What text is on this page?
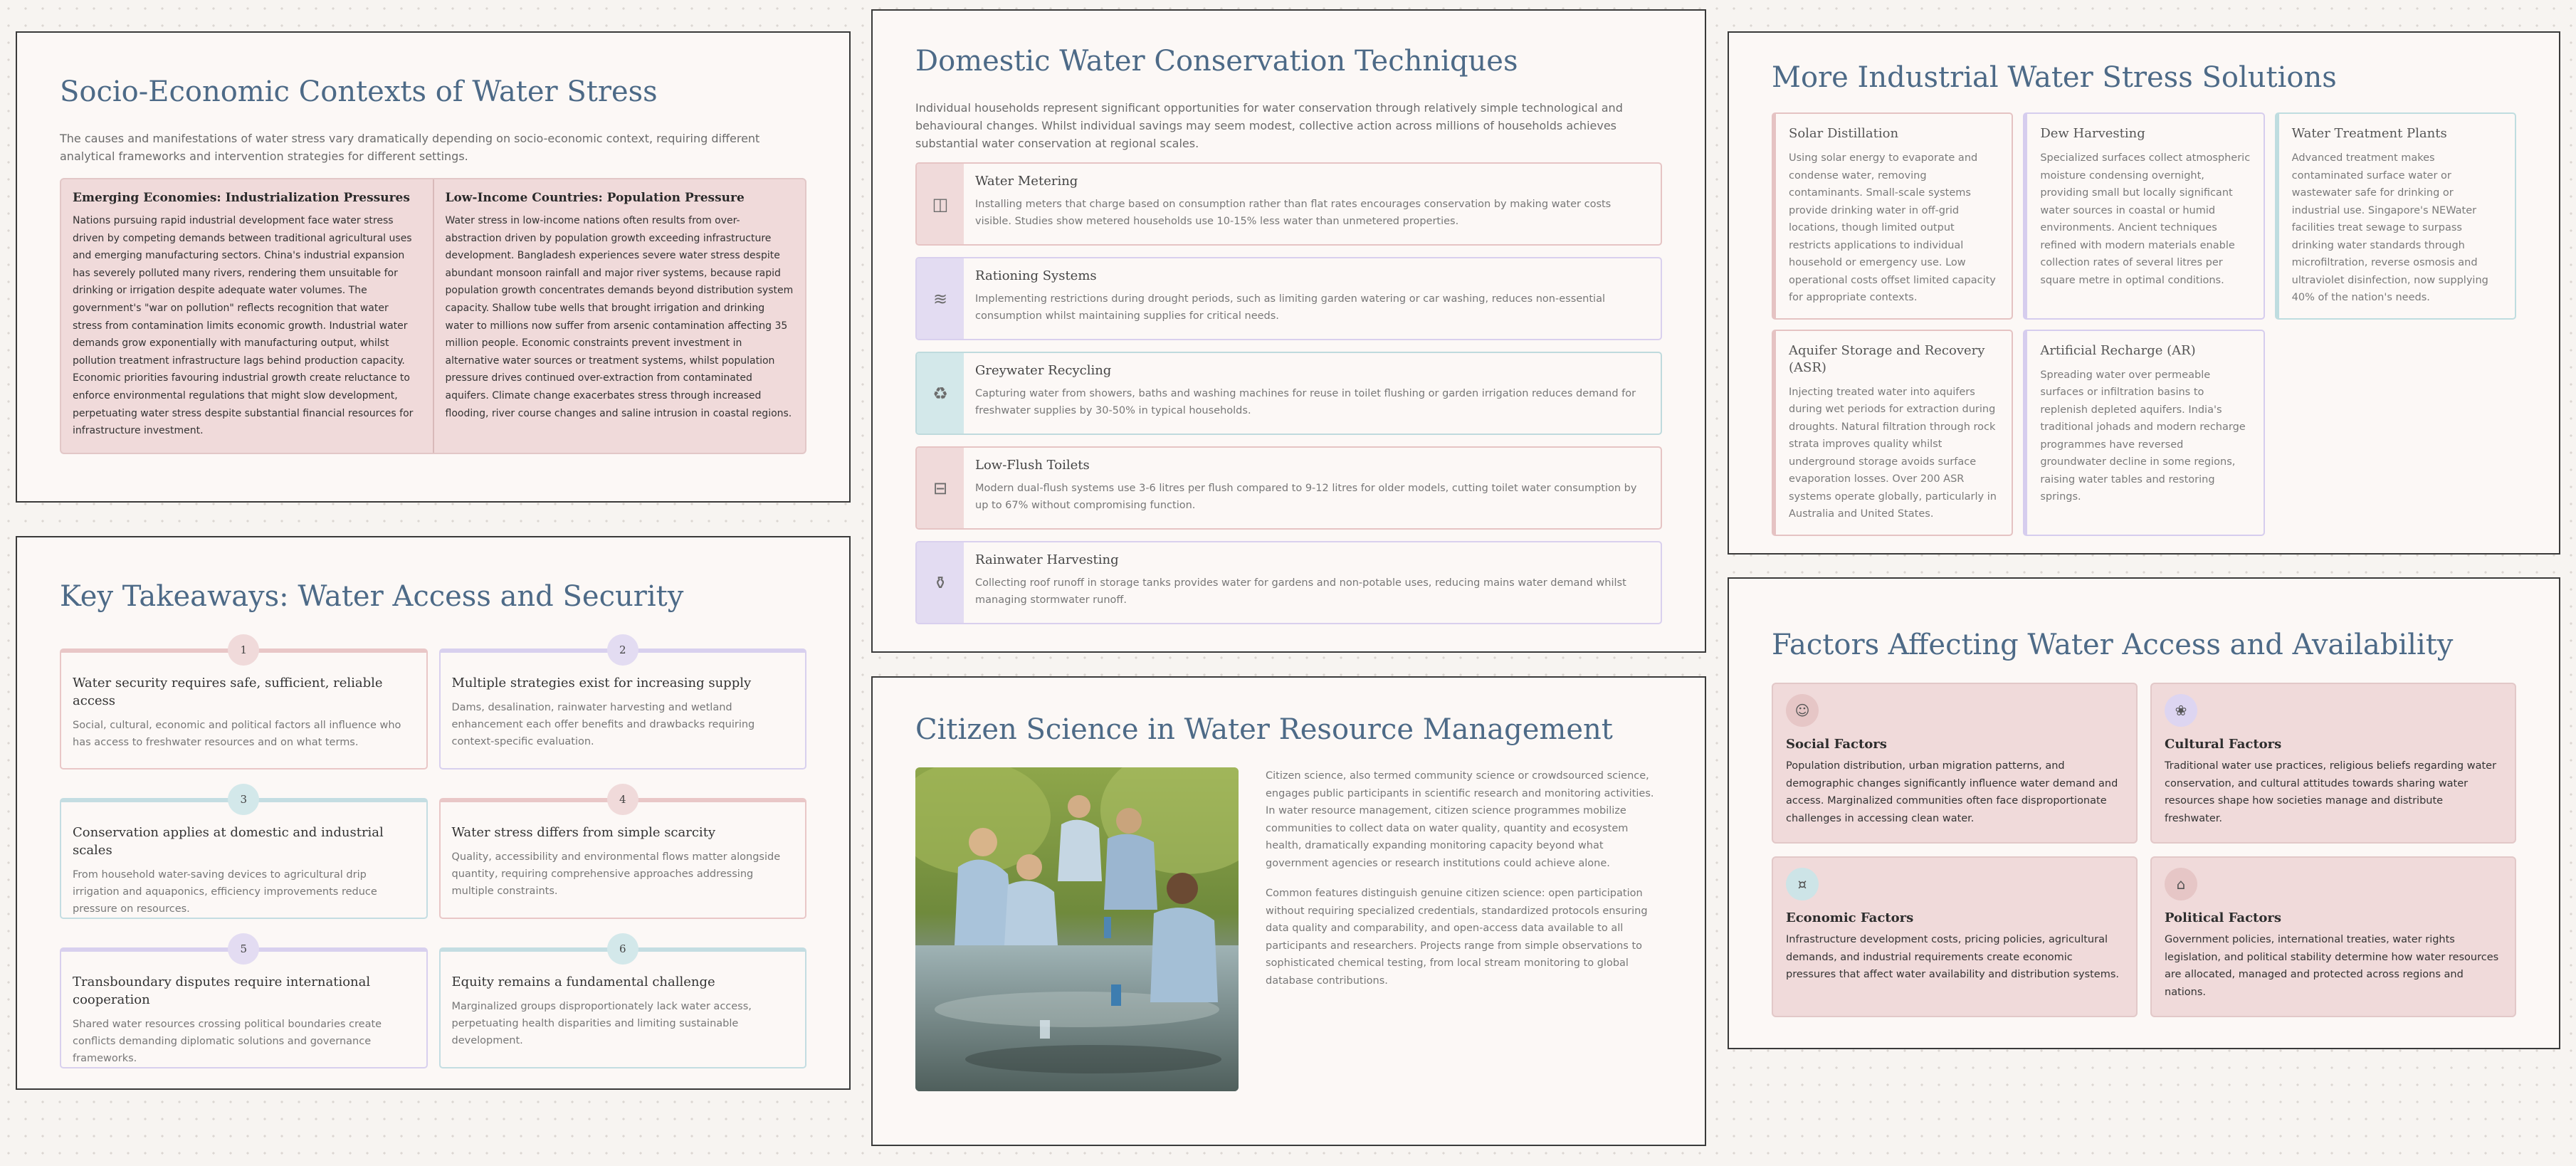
Socio-Economic Contexts of Water Stress

The causes and manifestations of water stress vary dramatically depending on socio-economic context, requiring different analytical frameworks and intervention strategies for different settings.

Emerging Economies: Industrialization Pressures

Nations pursuing rapid industrial development face water stress driven by competing demands between traditional agricultural uses and emerging manufacturing sectors. China's industrial expansion has severely polluted many rivers, rendering them unsuitable for drinking or irrigation despite adequate water volumes. The government's "war on pollution" reflects recognition that water stress from contamination limits economic growth. Industrial water demands grow exponentially with manufacturing output, whilst pollution treatment infrastructure lags behind production capacity. Economic priorities favouring industrial growth create reluctance to enforce environmental regulations that might slow development, perpetuating water stress despite substantial financial resources for infrastructure investment.

Low-Income Countries: Population Pressure

Water stress in low-income nations often results from over-abstraction driven by population growth exceeding infrastructure development. Bangladesh experiences severe water stress despite abundant monsoon rainfall and major river systems, because rapid population growth concentrates demands beyond distribution system capacity. Shallow tube wells that brought irrigation and drinking water to millions now suffer from arsenic contamination affecting 35 million people. Economic constraints prevent investment in alternative water sources or treatment systems, whilst population pressure drives continued over-extraction from contaminated aquifers. Climate change exacerbates stress through increased flooding, river course changes and saline intrusion in coastal regions.

Key Takeaways: Water Access and Security
1
Water security requires safe, sufficient, reliable access

Social, cultural, economic and political factors all influence who has access to freshwater resources and on what terms.

2
Multiple strategies exist for increasing supply

Dams, desalination, rainwater harvesting and wetland enhancement each offer benefits and drawbacks requiring context-specific evaluation.

3
Conservation applies at domestic and industrial scales

From household water-saving devices to agricultural drip irrigation and aquaponics, efficiency improvements reduce pressure on resources.

4
Water stress differs from simple scarcity

Quality, accessibility and environmental flows matter alongside quantity, requiring comprehensive approaches addressing multiple constraints.

5
Transboundary disputes require international cooperation

Shared water resources crossing political boundaries create conflicts demanding diplomatic solutions and governance frameworks.

6
Equity remains a fundamental challenge

Marginalized groups disproportionately lack water access, perpetuating health disparities and limiting sustainable development.

Domestic Water Conservation Techniques

Individual households represent significant opportunities for water conservation through relatively simple technological and behavioural changes. Whilst individual savings may seem modest, collective action across millions of households achieves substantial water conservation at regional scales.

◫
Water Metering

Installing meters that charge based on consumption rather than flat rates encourages conservation by making water costs visible. Studies show metered households use 10-15% less water than unmetered properties.

≋
Rationing Systems

Implementing restrictions during drought periods, such as limiting garden watering or car washing, reduces non-essential consumption whilst maintaining supplies for critical needs.

♻
Greywater Recycling

Capturing water from showers, baths and washing machines for reuse in toilet flushing or garden irrigation reduces demand for freshwater supplies by 30-50% in typical households.

⊟
Low-Flush Toilets

Modern dual-flush systems use 3-6 litres per flush compared to 9-12 litres for older models, cutting toilet water consumption by up to 67% without compromising function.

⚱
Rainwater Harvesting

Collecting roof runoff in storage tanks provides water for gardens and non-potable uses, reducing mains water demand whilst managing stormwater runoff.

Citizen Science in Water Resource Management

Citizen science, also termed community science or crowdsourced science, engages public participants in scientific research and monitoring activities. In water resource management, citizen science programmes mobilize communities to collect data on water quality, quantity and ecosystem health, dramatically expanding monitoring capacity beyond what government agencies or research institutions could achieve alone.

Common features distinguish genuine citizen science: open participation without requiring specialized credentials, standardized protocols ensuring data quality and comparability, and open-access data available to all participants and researchers. Projects range from simple observations to sophisticated chemical testing, from local stream monitoring to global database contributions.

More Industrial Water Stress Solutions
Solar Distillation

Using solar energy to evaporate and condense water, removing contaminants. Small-scale systems provide drinking water in off-grid locations, though limited output restricts applications to individual household or emergency use. Low operational costs offset limited capacity for appropriate contexts.

Dew Harvesting

Specialized surfaces collect atmospheric moisture condensing overnight, providing small but locally significant water sources in coastal or humid environments. Ancient techniques refined with modern materials enable collection rates of several litres per square metre in optimal conditions.

Water Treatment Plants

Advanced treatment makes contaminated surface water or wastewater safe for drinking or industrial use. Singapore's NEWater facilities treat sewage to surpass drinking water standards through microfiltration, reverse osmosis and ultraviolet disinfection, now supplying 40% of the nation's needs.

Aquifer Storage and Recovery (ASR)

Injecting treated water into aquifers during wet periods for extraction during droughts. Natural filtration through rock strata improves quality whilst underground storage avoids surface evaporation losses. Over 200 ASR systems operate globally, particularly in Australia and United States.

Artificial Recharge (AR)

Spreading water over permeable surfaces or infiltration basins to replenish depleted aquifers. India's traditional johads and modern recharge programmes have reversed groundwater decline in some regions, raising water tables and restoring springs.

Factors Affecting Water Access and Availability
☺
Social Factors

Population distribution, urban migration patterns, and demographic changes significantly influence water demand and access. Marginalized communities often face disproportionate challenges in accessing clean water.

❀
Cultural Factors

Traditional water use practices, religious beliefs regarding water conservation, and cultural attitudes towards sharing water resources shape how societies manage and distribute freshwater.

¤
Economic Factors

Infrastructure development costs, pricing policies, agricultural demands, and industrial requirements create economic pressures that affect water availability and distribution systems.

⌂
Political Factors

Government policies, international treaties, water rights legislation, and political stability determine how water resources are allocated, managed and protected across regions and nations.
